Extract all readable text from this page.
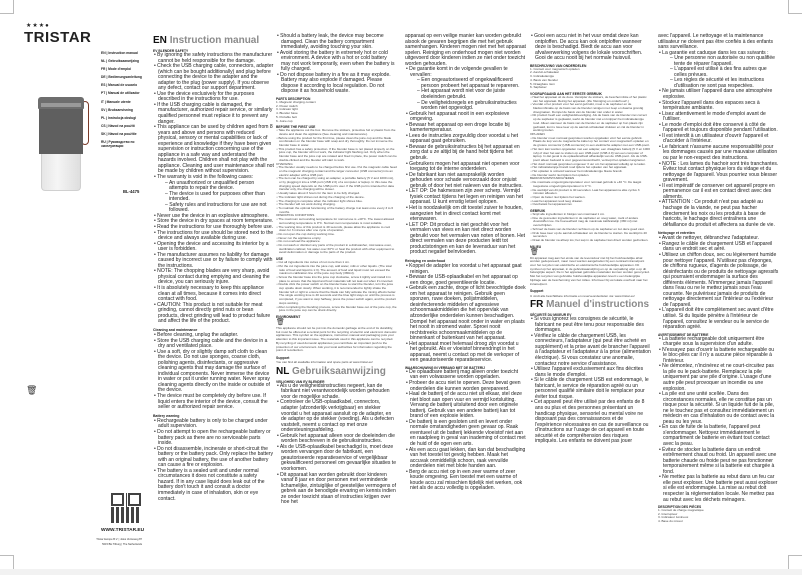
★★★●
TRISTAR
EN | Instruction manual
NL | Gebruiksaanwijzing
FR | Mode d'emploi
DE | Bedienungsanleitung
ES | Manual de usuario
PT | Manual de utilizador
IT | Manuale utente
SV | Bruksanvisning
PL | Instrukcja obsługi
CS | Návod na použití
SK | Návod na použitie
RU | Руководство по эксплуатации
BL-4475
🗑
WWW.TRISTAR.EU
Tristar Europe B.V. | Jules Verneweg 87
5015 BH Tilburg | The Netherlands
EN Instruction manual
EV BLENDER SAFETY
• By ignoring the safety instructions the manufacturer cannot be held responsible for the damage.
• Check the USB charging cable, connectors, adapter (which can be bought additionally) and plug before connecting the device to the adapter and the adapter to the plug (power supply). If you observe any defect, contact our support department.
• Use the device exclusively for the purposes described in the instructions for use.
• If the USB charging cable is damaged, the manufacturer, authorized repair service, or similarly qualified personnel must replace it to prevent any danger.
• This appliance can be used by children aged from 8 years and above and persons with reduced physical, sensory or mental capabilities or lack of experience and knowledge if they have been given supervision or instruction concerning use of the appliance in a safe way and understand the hazards involved. Children shall not play with the appliance. Cleaning and user maintenance shall not be made by children without supervision.
• The warranty is void in the following cases:
– An unauthorized or unqualified person attempts to repair the device.
– The device is used for purposes other than intended.
– Safety rules and instructions for use are not followed.
• Never use the device in an explosive atmosphere.
• Store the device in dry spaces at room temperature.
• Read the instructions for use thoroughly before use.
• The instructions for use should be stored next to the device and always available during use.
• Opening the device and accessing its interior by a user is forbidden.
• The manufacturer assumes no liability for damage caused by incorrect use or by failure to comply with the instructions.
• NOTE: The chopping blades are very sharp, avoid physical contact during emptying and cleaning the device, you can seriously injure.
• It is absolutely necessary to keep this appliance clean at all times, because it comes into direct contact with food.
• CAUTION: This product is not suitable for meat grinding, cannot directly grind nuts or bean products, direct grinding will lead to product failure and affect the life of the product.
Cleaning and maintenance
• Before cleaning, unplug the adapter.
• Store the USB charging cable and the device in a dry and ventilated place.
• Use a soft, dry or slightly damp soft cloth to clean the device. Do not use sponges, coarse cloth, polishing agents, disinfectants, or aggressive cleaning agents that may damage the surface of individual components. Never immerse the device in water or put it under running water. Never spray cleaning agents directly on the inside or outside of the device.
• The device must be completely dry before use. If liquid enters the interior of the device, consult the seller or authorized repair service.
Battery warning
• Rechargeable battery is only to be charged under adult supervision.
• Do not attempt to open the rechargeable battery or battery pack as there are no serviceable parts inside.
• Do not disassemble, incinerate or short-circuit the battery or the battery pack. Only replace the battery with an original battery, the use of another battery can cause a fire or explosion.
• The battery is a sealed unit and under normal circumstances it does not constitute a safety hazard. If in any case liquid does leak out of the battery don't touch it and consult a doctor immediately in case of inhalation, skin or eye contact.
• Should a battery leak, the device may become damaged. Clean the battery compartment immediately, avoiding touching your skin.
• Avoid storing the battery in extremely hot or cold environment. A device with a hot or cold battery may not work temporarily, even when the battery is fully charged.
• Do not dispose battery in a fire as it may explode. Battery may also explode if damaged. Please dispose it according to local regulation. Do not dispose it as household waste.
PARTS DESCRIPTION
1. Magnetic charging contact
2. Power switch
3. Indicator light
4. Blender base
5. Portable belt
6. Juice cup
BEFORE THE FIRST USE
• Take the appliance out the box. Remove the stickers, protective foil or plastic from the device and clean the appliance (See cleaning and maintenance).
• Before using the product for the first time, please clean the juice cup and the blade combination on the blender base with soap and dry thoroughly. Do not immerse the blender base in water.
• This product has a safety protection. If the blender base is not placed properly on the juice cup, the blender will not work, the indicator light flashing red. Only when the blender base and the juice cup are rotated and fixed in place, the power switch can be double-clicked and the blender will start to work.
CHARGING
• The blender usually needs to be charged before first use. Put the magnetic cable head on the magnetic charging contact and the larger connector (USB connector) into an electric adapter with a USB port.
• The item can be charged by using an adapter, a portable battery (5 V and 1000 mA), or by plugging it into a USB port (USB 2.0) of a computer or laptop. In this case the charging speed depends on the USB port's user. If the USB port is intended for data transfer only, the charging will be slower.
• Usually takes about 3 hours for the item to be fully charged.
• The indicator light shines red during the charging of the device.
• The charging is complete when the indicator light shines blue.
• The blender will not work during charging.
• To maintain the optimal functioning of the battery charge it at least once every 3 to 6 months.
OPERATING CONDITIONS
• The maximum surrounding temperature for normal use is +40°C. The lowest allowed surrounding temperature is 0°C. Normal room temperature is most suitable.
• The working time of this product is 40 seconds, please allow the appliance to cool down for 3 minutes after one cycle of operation.
• Do not open the cup during working time.
• Never run the appliance empty.
• Do not overload the appliance.
• Do not wash or disinfect any parts of the product in a dishwasher, microwave oven, sterilization cabinet; hot water over 60°C or heat the product with other equipment to avoid deformation or damage to the parts of the product.
USE
• Cut all ingredients into cubes of not more than 1 cm.
• Put the cut ingredients into the juice cup, add water, milk or other liquids. (The total ratio of food and liquid is 1:3). The amount of food and liquid must not exceed the maximum calibration line of the juice cup body (380ml).
• Screw the blender base into the juice cup clockwise, screw it tightly and install it in place to ensure that the liquid and food materials will not leak out when it's inverted.
• Double click the power switch on the blender base to start the blender, turn the juice cup upside down slowly. When working, it is recommended to lightly shake the blender left or right to ensure that the blade can fully activate the mixing effects better. The single working time is 40 seconds and the blue light stays on until the process is completed, if you want to stop halfway, press the power switch again, and the product stops working.
• After completing the blending process, screw the blender base out of the juice cup, the juice in the juice cup can be drunk directly.
ENVIRONMENT
🗑
This appliance should not be put into the domestic garbage at the end of its durability, but must be offered at a central point for the recycling of electric and electronic domestic appliances. This symbol on the appliance, instruction manual and packaging puts your attention to this important issue. The materials used in this appliance can be recycled. By recycling of used domestic appliances you contribute an important push to the protection of our environment. Ask your local authorities for information regarding the point of recollection.
Support
You can find all available information and spare parts at www.tristar.eu!
NL Gebruiksaanwijzing
VEILIGHEID VAN EV BLENDER
• Als u de veiligheidsinstructies negeert, kan de fabrikant niet verantwoordelijk worden gehouden voor de mogelijke schade.
• Controleer de USB-oplaadkabel, connectors, adapter (afzonderlijk verkrijgbaar) en stekker voordat u het apparaat aansluit op de adapter, en de adapter op de stekker (voeding). Als u defecten vaststelt, neemt u contact op met onze ondersteuningsafdeling.
• Gebruik het apparaat alleen voor de doeleinden die worden beschreven in de gebruiksinstructies.
• Als de USB-oplaadkabel beschadigd is, moet deze worden vervangen door de fabrikant, een geautoriseerde reparatieservice of vergelijkbaar gekwalificeerd personeel om gevaarlijke situaties te voorkomen.
• Dit apparaat kan worden gebruikt door kinderen vanaf 8 jaar en door personen met verminderde lichamelijke, zintuiglijke of geestelijke vermogens of gebrek aan de benodigde ervaring en kennis indien ze onder toezicht staan of instructies krijgen over hoe het
apparaat op een veilige manier kan worden gebruikt alsook de gevaren begrijpen die met het gebruik samenhangen. Kinderen mogen niet met het apparaat spelen. Reiniging en onderhoud mogen niet worden uitgevoerd door kinderen indien ze niet onder toezicht worden gehouden.
• De garantie komt in de volgende gevallen te vervallen:
– Een ongeautoriseerd of ongekwalificeerd persoon probeert het apparaat te repareren.
– Het apparaat wordt niet voor de juiste doeleinden gebruikt.
– De veiligheidsregels en gebruiksinstructies worden niet opgevolgd.
• Gebruik het apparaat nooit in een explosieve omgeving.
• Bewaar het apparaat op een droge locatie bij kamertemperatuur.
• Lees de instructies zorgvuldig door voordat u het apparaat gaat gebruiken.
• Bewaar de gebruiksinstructies bij het apparaat en zorg dat u ze altijd bij de hand hebt tijdens het gebruik.
• Gebruikers mogen het apparaat niet openen voor toegang tot de interne onderdelen.
• De fabrikant kan niet aansprakelijk worden gehouden voor schade veroorzaakt door onjuist gebruik of door het niet naleven van de instructies.
• LET OP: De hakmessen zijn zeer scherp. Vermijd fysiek contact tijdens het legen en reinigen van het apparaat. U kunt ernstig letsel oplopen.
• Het is noodzakelijk om dit toestel zuiver te houden, aangezien het in direct contact komt met etenswaren.
• LET OP: Dit product is niet geschikt voor het vermalen van vlees en kan niet direct worden gebruikt voor het vermalen van noten of bonen. Het direct vermalen van deze producten leidt tot productstoringen en kan de levensduur van het product negatief beïnvloeden.
Reiniging en onderhoud
• Koppel de adapter los voordat u het apparaat gaat reinigen.
• Bewaar de USB-oplaadkabel en het apparaat op een droge, goed geventileerde locatie.
• Gebruik een zachte, droge of licht bevochtigde doek om het apparaat te reinigen. Gebruik geen sponzen, ruwe doeken, polijstmiddelen, desinfecterende middelen of agressieve schoonmaakmiddelen die het oppervlak van afzonderlijke onderdelen kunnen beschadigen. Dompel het apparaat nooit onder in water en plaats het nooit in stromend water. Sproei nooit rechtstreeks schoonmaakmiddelen op de binnenkant of buitenkant van het apparaat.
• Het apparaat moet helemaal droog zijn voordat u het gebruikt. Als er vloeistof binnendringt in het apparaat, neemt u contact op met de verkoper of een geautoriseerde reparatieservice.
WAARSCHUWING IN VERBAND MET DE BATTERIJ
• De oplaadbare batterij mag alleen onder toezicht van een volwassene worden opgeladen.
• Probeer de accu niet te openen. Deze bevat geen onderdelen die kunnen worden gerepareerd.
• Haal de batterij of de accu niet uit elkaar, stel deze niet bloot aan open vuur en vermijd kortsluiting. Vervang de batterij uitsluitend door een originele batterij. Gebruik van een andere batterij kan tot brand of een explosie leiden.
• De batterij is een gesloten unit en levert onder normale omstandigheden geen gevaar op. Raak eventueel uit de batterij lekkende vloeistof niet aan en raadpleeg in geval van inademing of contact met de huid of de ogen een arts.
• Als een accu gaat lekken, dan kan dat beschadiging van het toestel tot gevolg hebben. Maak het accuvak onmiddellijk schoon, raak vervuilde onderdelen niet met blote handen aan.
• Berg de accu niet op in een zeer warme of zeer koude omgeving. Een toestel met een warme of koude accu zal misschien tijdelijk niet werken, ook niet als de accu volledig is opgeladen.
• Gooi een accu niet in het vuur omdat deze kan ontploffen. De accu kan ook ontploffen wanneer deze is beschadigd. Biedt de accu aan voor afvalverwerking volgens de lokale voorschriften. Gooi de accu nooit bij het normale huisvuil.
BESCHRIJVING VAN ONDERDELEN
1. Contact voor magnetisch opladen
2. Aan/uit-schakelaar
3. Indicatielampje
4. Basis van blender
5. Draagbare riem
6. Sapbeker
VOORAFGAAND AAN HET EERSTE GEBRUIK
• Haal het apparaat uit de doos. Verwijder de stickers, de beschermfolie of het plastic van het apparaat. Reinig het apparaat. (Zie 'Reiniging en onderhoud'.)
• Voordat u het product voor het eerst gebruikt, moet u de sapbeker en de bladcombinatie op de basis van de blender reinigen met zeep en daarna grondig droogmaken. Dompel de basis van de blender niet onder in water.
• Dit product heeft een veiligheidsbeveiliging. Als de basis van de blender niet correct op de sapbeker is geplaatst, werkt de blender niet en knippert het indicatielampje rood. Alleen wanneer de basis van de blender en de sapbeker op hun plaats zijn gedraaid, kunt u twee keer op de aan/uit-schakelaar drukken en zal de blender in werking treden.
OPLADEN
• De blender moet normaal gesproken worden opgeladen vóór het eerste gebruik. Plaats de kop van de magnetische kabel op het contact voor magnetisch opladen en de grotere connector (USB-connector) in een elektrische adapter met een USB-poort.
• Het item kan worden opgeladen met een adapter, een draagbare batterij (5 V en 1000 mA) of door het aan te sluiten op een USB-poort (USB 2.0) van een computer of laptop. In dat geval is de oplaadsnelheid afhankelijk van de USB-poort. Als de USB-poort alleen bedoeld is voor gegevensoverdracht, verloopt het opladen langzamer.
• Het duurt normaal gesproken ongeveer 3 uur om het apparaat volledig op te laden.
• Het indicatielampje brandt rood tijdens het opladen van het apparaat.
• Het opladen is voltooid wanneer het indicatielampje blauw brandt.
• De blender werkt niet tijdens het opladen.
BEDRIJFSOMSTANDIGHEDEN
• De maximale omgevingstemperatuur voor normaal gebruik is +40 °C. De laagst toegestane omgevingstemperatuur is 0 °C.
• De werktijd van dit product is 40 seconden. Laat het apparaat na elke cyclus 3 minuten afkoelen.
• Open de beker niet tijdens het werken.
• Laat het apparaat nooit leeg draaien.
• Overbelast het apparaat niet.
GEBRUIK
• Snijd alle ingrediënten in blokjes van maximaal 1 cm.
• Doe de gesneden ingrediënten in de sapbeker en voeg water, melk of andere vloeistoffen toe. De hoeveelheid mag de maximale kalibratielijn (380 ml) niet overschrijden.
• Schroef de basis van de blender rechtsom op de sapbeker en zet deze goed vast.
• Druk twee keer op de aan/uit-schakelaar om de blender te starten. De werktijd is 40 seconden.
• Draai de blender na afloop los; het sap in de sapbeker kan direct worden gedronken.
MILIEU
🗑
Dit apparaat mag aan het einde van de levensduur niet bij het huishoudelijke afval worden gedeponeerd, maar moet worden aangeboden bij een centraal inzamelpunt voor het recyclen van elektrische en elektronische huishoudelijke apparaten. Dit symbool op het apparaat, in de gebruiksaanwijzing en op de verpakking wijst u op dit belangrijke aspect. De in het apparaat gebruikte materialen kunnen worden gerecycled. Met het recyclen van gebruikte huishoudelijke apparaten levert u een belangrijke bijdrage aan de bescherming van het milieu. Informeer bij uw lokale overheid naar het inzamelpunt.
Support
U vindt alle beschikbare informatie en reserveonderdelen via: www.tristar.eu!
FR Manuel d'instructions
SÉCURITÉ DU MIXEUR EV
• Si vous ignorez les consignes de sécurité, le fabricant ne peut être tenu pour responsable des dommages.
• Vérifiez le câble de chargement USB, les connecteurs, l'adaptateur (qui peut être acheté en supplément) et la prise avant de brancher l'appareil à l'adaptateur et l'adaptateur à la prise (alimentation électrique). Si vous constatez une anomalie, contactez notre service d'assistance.
• Utilisez l'appareil exclusivement aux fins décrites dans le mode d'emploi.
• Si le câble de chargement USB est endommagé, le fabricant, le service de réparation agréé ou un personnel qualifié similaire doit le remplacer pour éviter tout risque.
• Cet appareil peut être utilisé par des enfants de 8 ans ou plus et des personnes présentant un handicap physique, sensoriel ou mental voire ne disposant pas des connaissances et de l'expérience nécessaires en cas de surveillance ou d'instructions sur l'usage de cet appareil en toute sécurité et de compréhension des risques impliqués. Les enfants ne doivent pas jouer
avec l'appareil. Le nettoyage et la maintenance utilisateur ne doivent pas être confiés à des enfants sans surveillance.
• La garantie est caduque dans les cas suivants :
– Une personne non autorisée ou non qualifiée tente de réparer l'appareil.
– L'appareil est utilisé à des fins autres que celles prévues.
– Les règles de sécurité et les instructions d'utilisation ne sont pas respectées.
• Ne jamais utiliser l'appareil dans une atmosphère explosive.
• Stockez l'appareil dans des espaces secs à température ambiante.
• Lisez attentivement le mode d'emploi avant de l'utiliser.
• Le mode d'emploi doit être conservé à côté de l'appareil et toujours disponible pendant l'utilisation.
• Il est interdit à un utilisateur d'ouvrir l'appareil et d'accéder à l'intérieur.
• Le fabricant n'assume aucune responsabilité pour les dommages causés par une mauvaise utilisation ou par le non-respect des instructions.
• NOTE : Les lames du hachoir sont très tranchantes. Évitez tout contact physique lors du vidage et du nettoyage de l'appareil. Vous pourriez vous blesser gravement.
• Il est impératif de conserver cet appareil propre en permanence car il est en contact direct avec des aliments.
• ATTENTION : Ce produit n'est pas adapté au hachage de la viande, ne peut pas hacher directement les noix ou les produits à base de haricots, le hachage direct entraînera une défaillance du produit et affectera sa durée de vie.
Nettoyage et entretien
• Avant de nettoyer, débranchez l'adaptateur.
• Rangez le câble de chargement USB et l'appareil dans un endroit sec et aéré.
• Utilisez un chiffon doux, sec ou légèrement humide pour nettoyer l'appareil. N'utilisez pas d'éponges, de chiffons rugueux, d'agents de polissage, de désinfectants ou de produits de nettoyage agressifs qui pourraient endommager la surface des différents éléments. N'immergez jamais l'appareil dans l'eau ou ne le mettez jamais sous l'eau courante. Ne pulvérisez jamais de produits de nettoyage directement sur l'intérieur ou l'extérieur de l'appareil.
• L'appareil doit être complètement sec avant d'être utilisé. Si du liquide pénètre à l'intérieur de l'appareil, consultez le vendeur ou le service de réparation agréé.
AVERTISSEMENT DE BATTERIE
• La batterie rechargeable doit uniquement être chargée sous la supervision d'un adulte.
• N'essayez pas d'ouvrir la batterie rechargeable ou le bloc-piles car il n'y a aucune pièce réparable à l'intérieur.
• Ne démontez, n'incinérez et ne court-circuitez pas la pile ou le pack-batterie. Remplacez la pile uniquement par une pile d'origine. L'usage d'une autre pile peut provoquer un incendie ou une explosion.
• La pile est une unité scellée. Dans des circonstances normales, elle ne constitue pas un risque pour la sécurité. Si un liquide fuit de la pile, ne le touchez pas et consultez immédiatement un médecin en cas d'inhalation ou de contact avec la peau ou les yeux.
• En cas de fuite de la batterie, l'appareil peut s'endommager. Nettoyez immédiatement le compartiment de batterie en évitant tout contact avec la peau.
• Évitez de stocker la batterie dans un endroit extrêmement chaud ou froid. Un appareil avec une batterie chaude ou froide peut ne pas fonctionner temporairement même si la batterie est chargée à fond.
• Ne mettez pas la batterie au rebut dans un feu car elle peut exploser. Une batterie peut aussi exploser si elle est endommagée. La mise au rebut doit respecter la réglementation locale. Ne mettez pas au rebut avec les déchets ménagers.
DESCRIPTION DES PIÈCES
1. Contact de charge magnétique
2. Interrupteur
3. Indicateur lumineux
4. Base du mixeur
